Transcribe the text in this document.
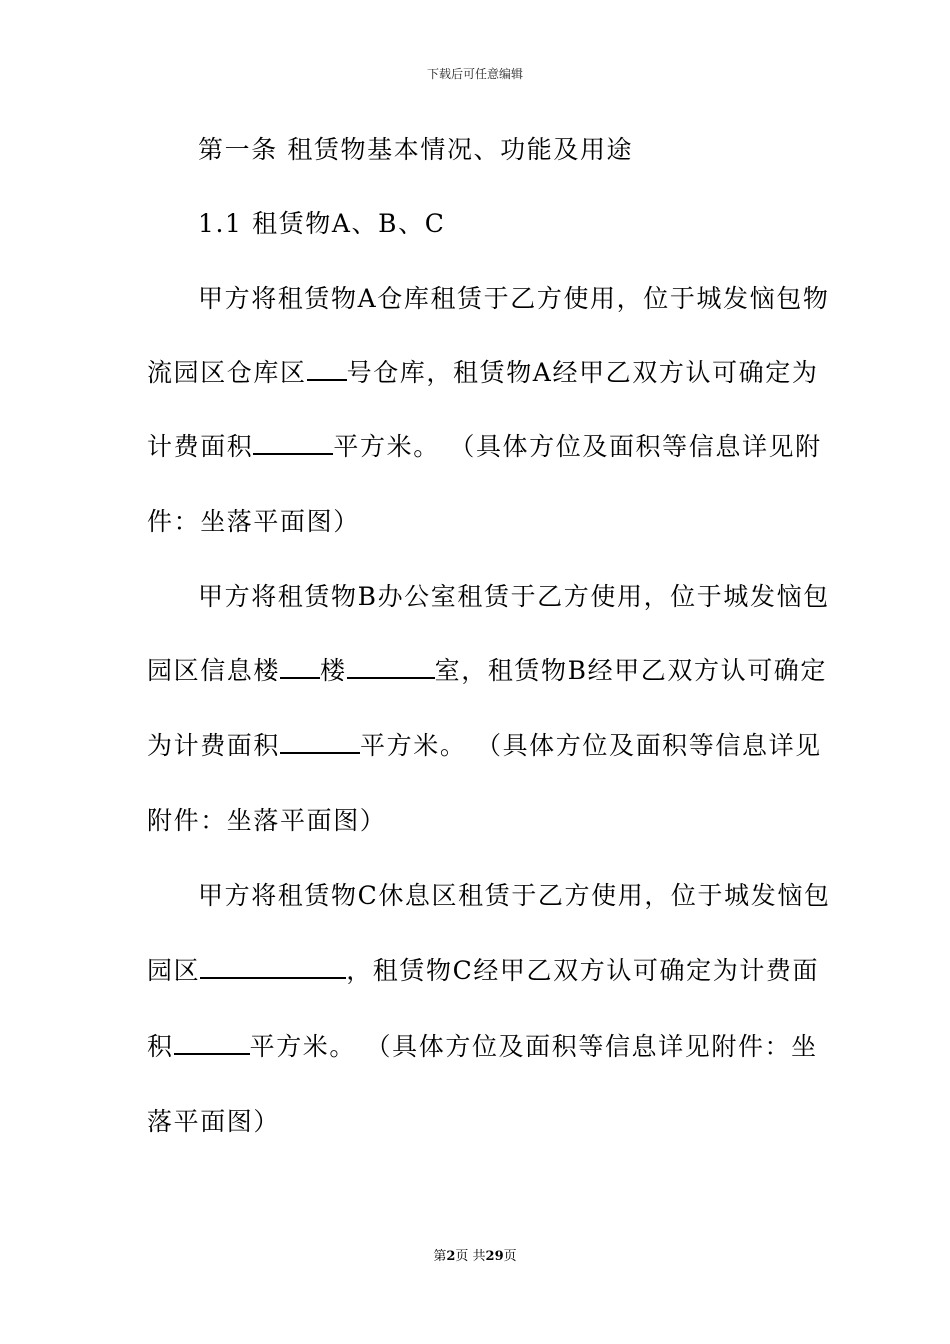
下载后可任意编辑
第一条 租赁物基本情况、功能及用途
1.1 租赁物A、B、C
甲方将租赁物A仓库租赁于乙方使用，位于城发恼包物
流园区仓库区 号仓库，租赁物A经甲乙双方认可确定为
计费面积	平方米。 （具体方位及面积等信息详见附
件：坐落平面图）
甲方将租赁物B办公室租赁于乙方使用，位于城发恼包
园区信息楼 楼	室，租赁物B经甲乙双方认可确定
为计费面积	平方米。 （具体方位及面积等信息详见
附件：坐落平面图）
甲方将租赁物C休息区租赁于乙方使用，位于城发恼包
园区	，租赁物C经甲乙双方认可确定为计费面
积	平方米。 （具体方位及面积等信息详见附件：坐
落平面图）
第2页 共29页
